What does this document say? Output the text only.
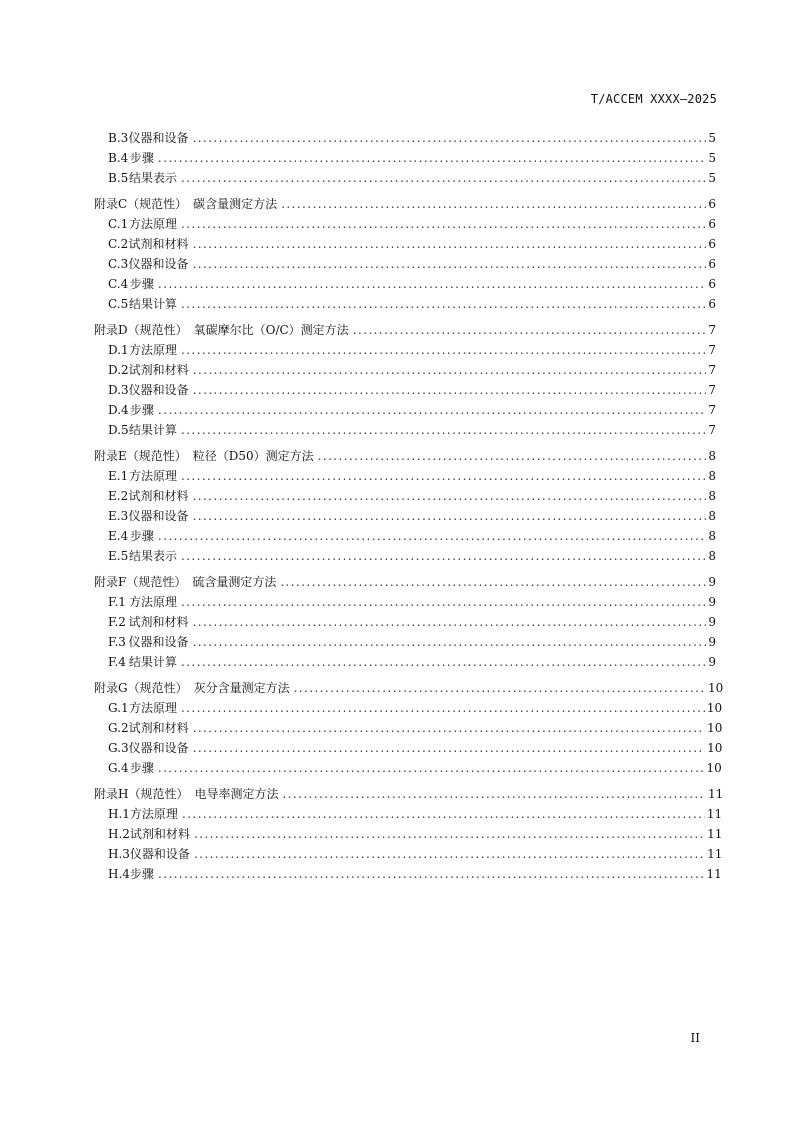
T/ACCEM XXXX—2025
B.3 仪器和设备 .....	5
B.4 步骤 .....	5
B.5 结果表示 .....	5
附录C（规范性）　碳含量测定方法 .....	6
C.1 方法原理 .....	6
C.2 试剂和材料 .....	6
C.3 仪器和设备 .....	6
C.4 步骤 .....	6
C.5 结果计算 .....	6
附录D（规范性）　氧碳摩尔比（O/C）测定方法 .....	7
D.1 方法原理 .....	7
D.2 试剂和材料 .....	7
D.3 仪器和设备 .....	7
D.4 步骤 .....	7
D.5 结果计算 .....	7
附录E（规范性）　粒径（D50）测定方法 .....	8
E.1 方法原理 .....	8
E.2 试剂和材料 .....	8
E.3 仪器和设备 .....	8
E.4 步骤 .....	8
E.5 结果表示 .....	8
附录F（规范性）　硫含量测定方法 .....	9
F.1 方法原理 .....	9
F.2 试剂和材料 .....	9
F.3 仪器和设备 .....	9
F.4 结果计算 .....	9
附录G（规范性）　灰分含量测定方法 .....	10
G.1 方法原理 .....	10
G.2 试剂和材料 .....	10
G.3 仪器和设备 .....	10
G.4 步骤 .....	10
附录H（规范性）　电导率测定方法 .....	11
H.1 方法原理 .....	11
H.2 试剂和材料 .....	11
H.3 仪器和设备 .....	11
H.4 步骤 .....	11
II
